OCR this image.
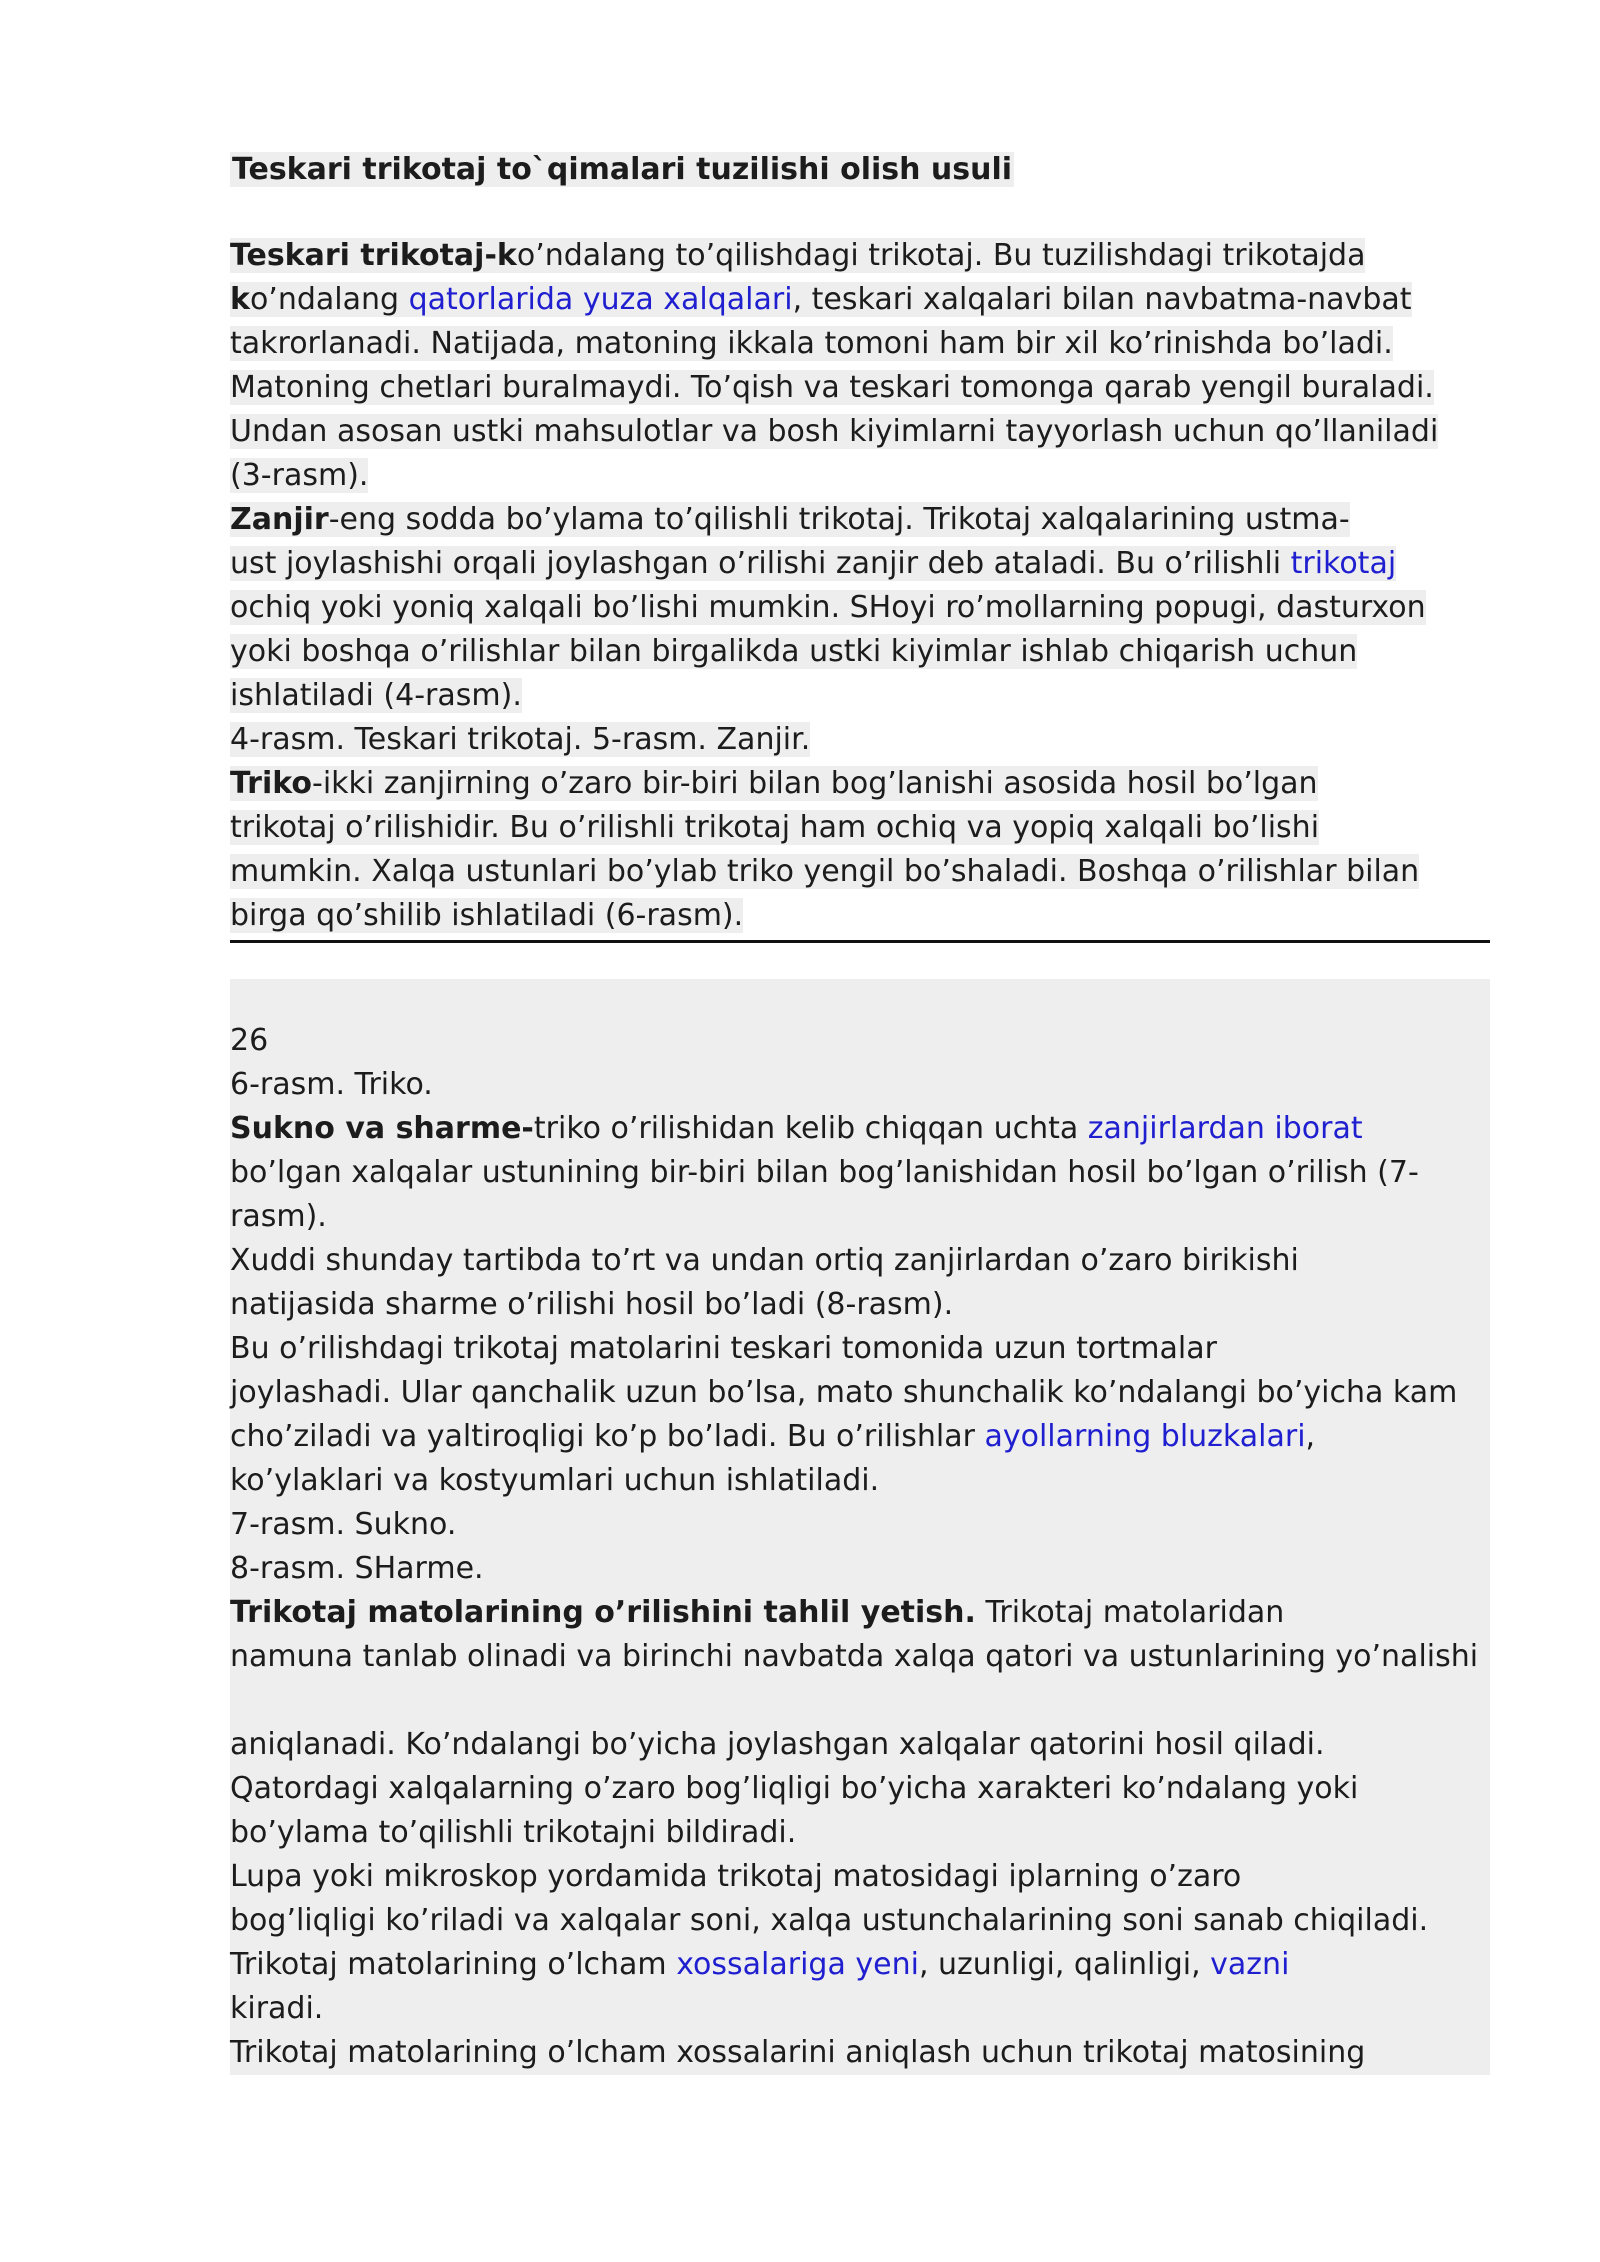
Teskari trikotaj to`qimalari tuzilishi olish usuli
Teskari trikotaj-ko’ndalang to’qilishdagi trikotaj. Bu tuzilishdagi trikotajda
ko’ndalang qatorlarida yuza xalqalari, teskari xalqalari bilan navbatma-navbat
takrorlanadi. Natijada, matoning ikkala tomoni ham bir xil ko’rinishda bo’ladi.
Matoning chetlari buralmaydi. To’qish va teskari tomonga qarab yengil buraladi.
Undan asosan ustki mahsulotlar va bosh kiyimlarni tayyorlash uchun qo’llaniladi
(3-rasm).
Zanjir-eng sodda bo’ylama to’qilishli trikotaj. Trikotaj xalqalarining ustma-
ust joylashishi orqali joylashgan o’rilishi zanjir deb ataladi. Bu o’rilishli trikotaj
ochiq yoki yoniq xalqali bo’lishi mumkin. SHoyi ro’mollarning popugi, dasturxon
yoki boshqa o’rilishlar bilan birgalikda ustki kiyimlar ishlab chiqarish uchun
ishlatiladi (4-rasm).
4-rasm. Teskari trikotaj. 5-rasm. Zanjir.
Triko-ikki zanjirning o’zaro bir-biri bilan bog’lanishi asosida hosil bo’lgan
trikotaj o’rilishidir. Bu o’rilishli trikotaj ham ochiq va yopiq xalqali bo’lishi
mumkin. Xalqa ustunlari bo’ylab triko yengil bo’shaladi. Boshqa o’rilishlar bilan
birga qo’shilib ishlatiladi (6-rasm).
26
6-rasm. Triko.
Sukno va sharme-triko o’rilishidan kelib chiqqan uchta zanjirlardan iborat
bo’lgan xalqalar ustunining bir-biri bilan bog’lanishidan hosil bo’lgan o’rilish (7-
rasm).
Xuddi shunday tartibda to’rt va undan ortiq zanjirlardan o’zaro birikishi
natijasida sharme o’rilishi hosil bo’ladi (8-rasm).
Bu o’rilishdagi trikotaj matolarini teskari tomonida uzun tortmalar
joylashadi. Ular qanchalik uzun bo’lsa, mato shunchalik ko’ndalangi bo’yicha kam
cho’ziladi va yaltiroqligi ko’p bo’ladi. Bu o’rilishlar ayollarning bluzkalari,
ko’ylaklari va kostyumlari uchun ishlatiladi.
7-rasm. Sukno.
8-rasm. SHarme.
Trikotaj matolarining o’rilishini tahlil yetish. Trikotaj matolaridan
namuna tanlab olinadi va birinchi navbatda xalqa qatori va ustunlarining yo’nalishi
aniqlanadi. Ko’ndalangi bo’yicha joylashgan xalqalar qatorini hosil qiladi.
Qatordagi xalqalarning o’zaro bog’liqligi bo’yicha xarakteri ko’ndalang yoki
bo’ylama to’qilishli trikotajni bildiradi.
Lupa yoki mikroskop yordamida trikotaj matosidagi iplarning o’zaro
bog’liqligi ko’riladi va xalqalar soni, xalqa ustunchalarining soni sanab chiqiladi.
Trikotaj matolarining o’lcham xossalariga yeni, uzunligi, qalinligi, vazni
kiradi.
Trikotaj matolarining o’lcham xossalarini aniqlash uchun trikotaj matosining
